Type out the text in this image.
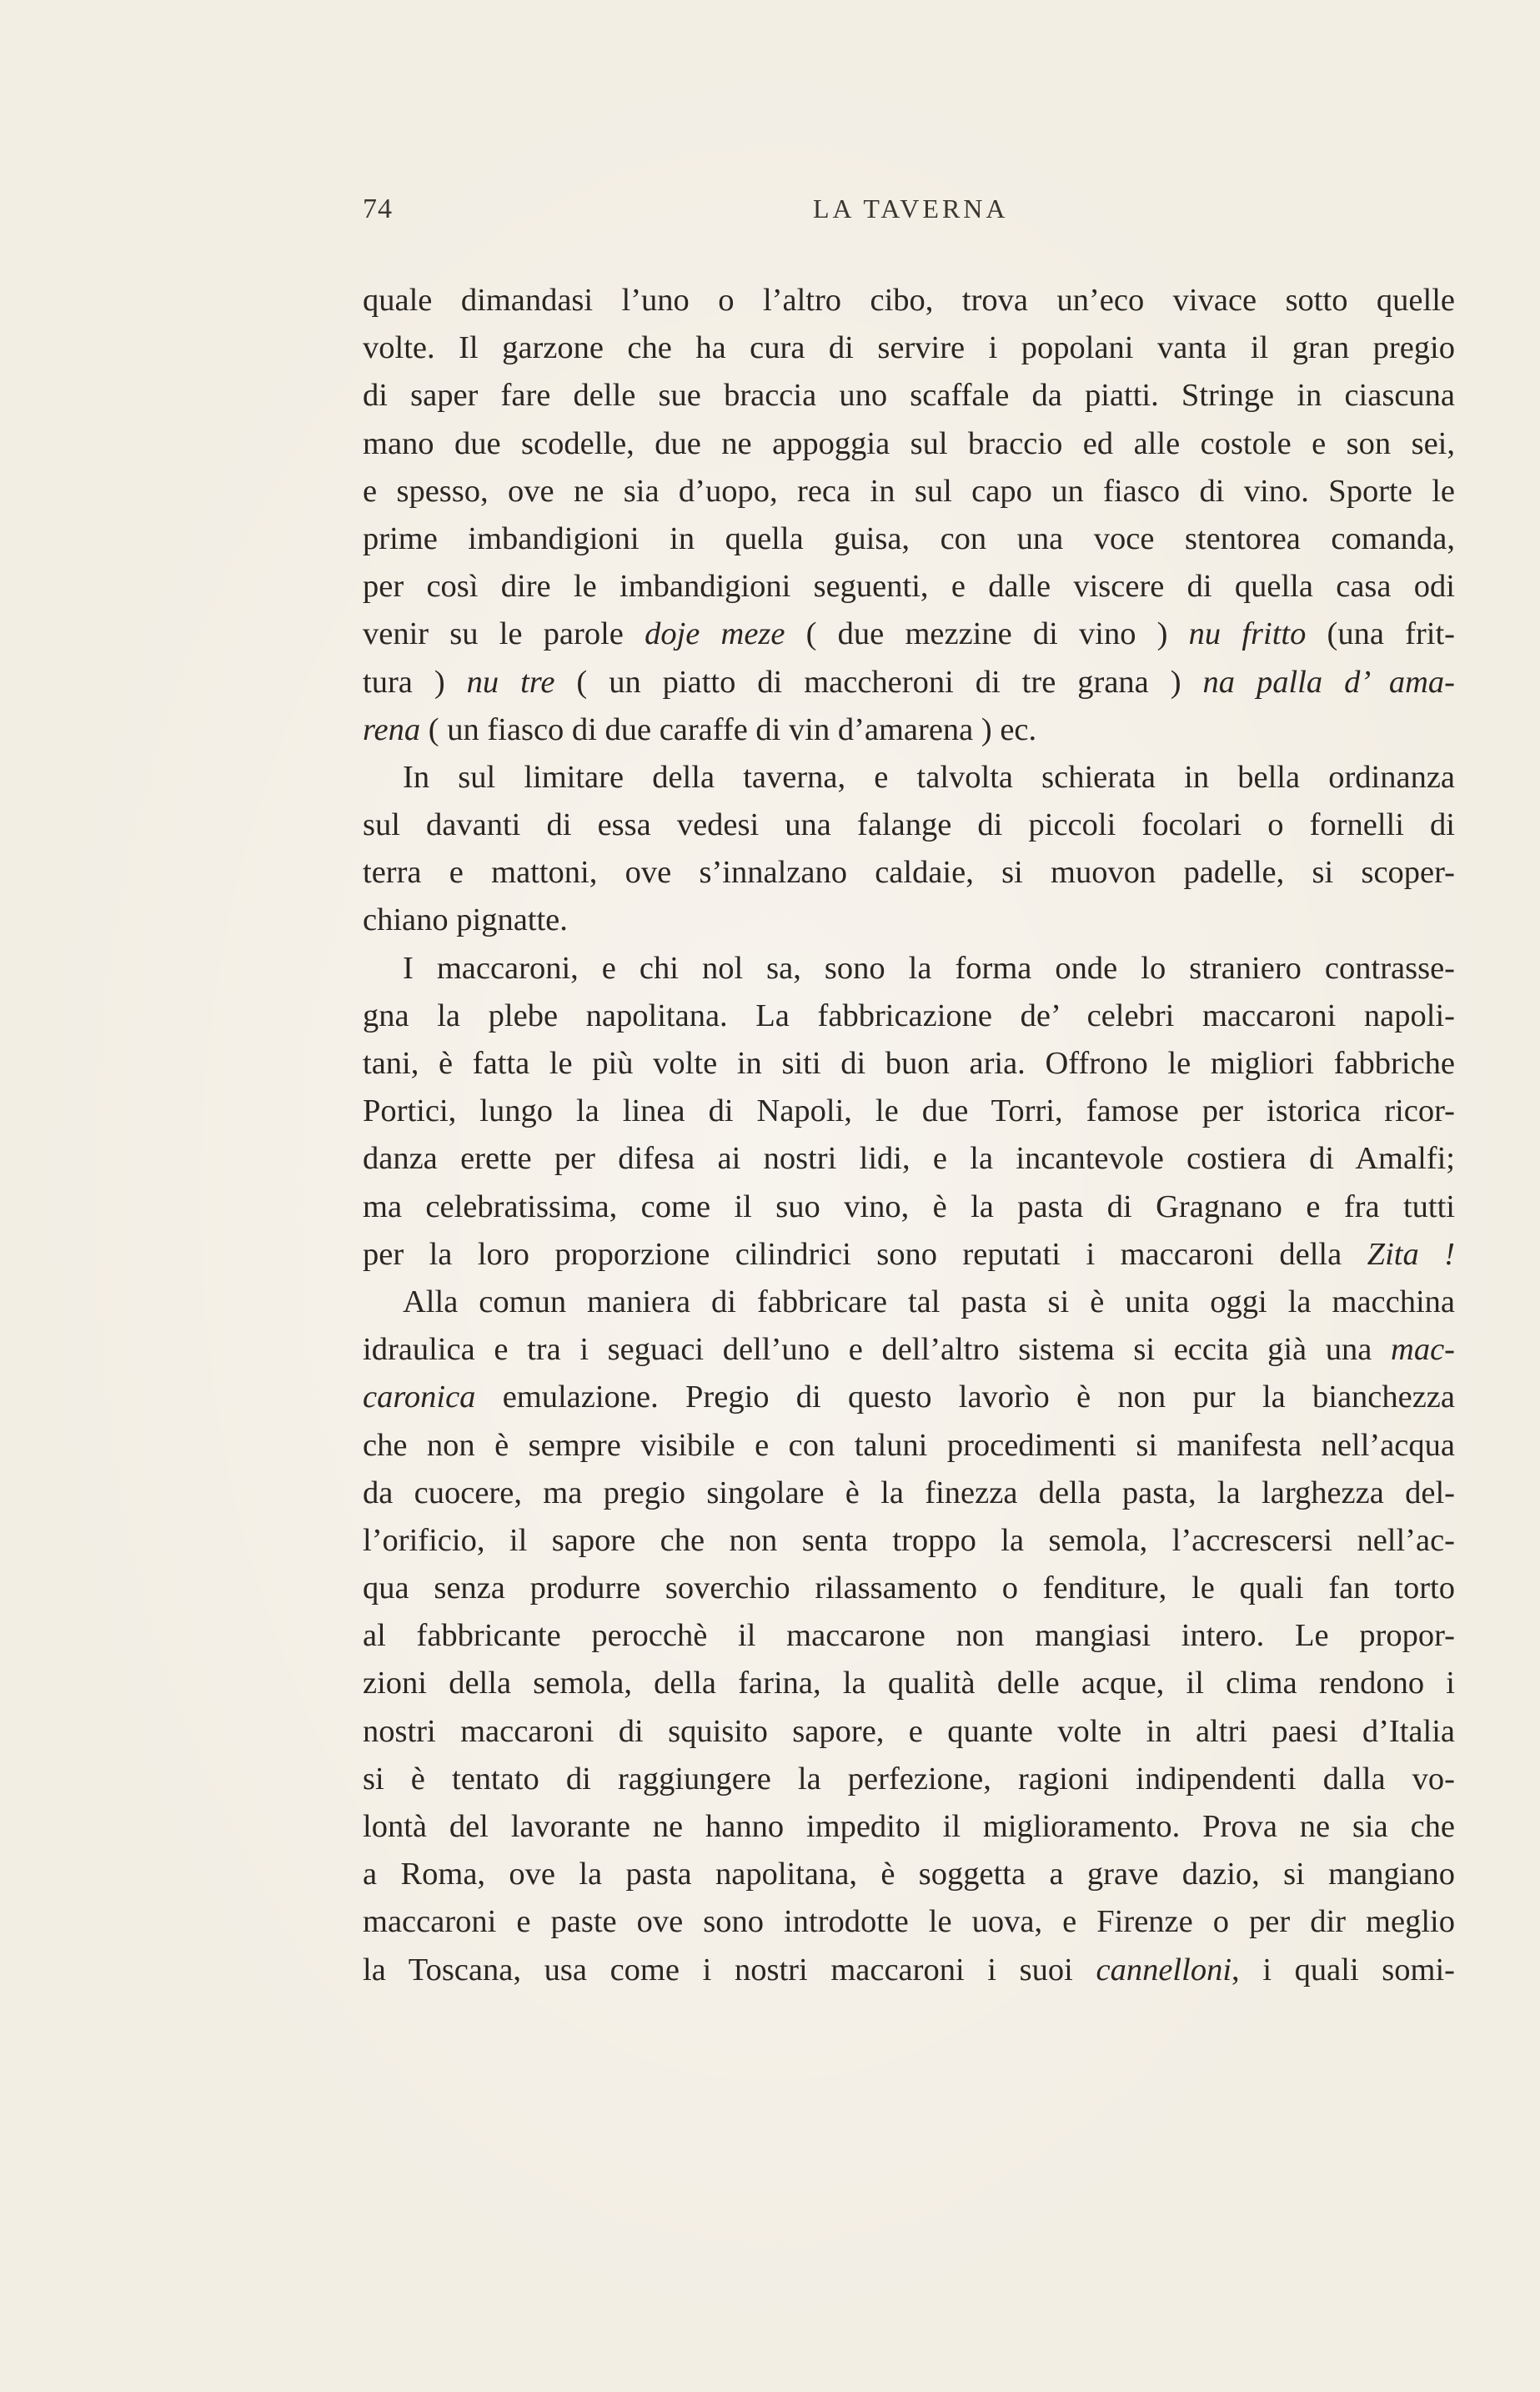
74	LA TAVERNA
quale dimandasi l’uno o l’altro cibo, trova un’eco vivace sotto quelle
volte. Il garzone che ha cura di servire i popolani vanta il gran pregio
di saper fare delle sue braccia uno scaffale da piatti. Stringe in ciascuna
mano due scodelle, due ne appoggia sul braccio ed alle costole e son sei,
e spesso, ove ne sia d’uopo, reca in sul capo un fiasco di vino. Sporte le
prime imbandigioni in quella guisa, con una voce stentorea comanda,
per così dire le imbandigioni seguenti, e dalle viscere di quella casa odi
venir su le parole doje meze ( due mezzine di vino ) nu fritto (una frit-
tura ) nu tre ( un piatto di maccheroni di tre grana ) na palla d’ ama-
rena ( un fiasco di due caraffe di vin d’amarena ) ec.
In sul limitare della taverna, e talvolta schierata in bella ordinanza
sul davanti di essa vedesi una falange di piccoli focolari o fornelli di
terra e mattoni, ove s’innalzano caldaie, si muovon padelle, si scoper-
chiano pignatte.
I maccaroni, e chi nol sa, sono la forma onde lo straniero contrasse-
gna la plebe napolitana. La fabbricazione de’ celebri maccaroni napoli-
tani, è fatta le più volte in siti di buon aria. Offrono le migliori fabbriche
Portici, lungo la linea di Napoli, le due Torri, famose per istorica ricor-
danza erette per difesa ai nostri lidi, e la incantevole costiera di Amalfi;
ma celebratissima, come il suo vino, è la pasta di Gragnano e fra tutti
per la loro proporzione cilindrici sono reputati i maccaroni della Zita !
Alla comun maniera di fabbricare tal pasta si è unita oggi la macchina
idraulica e tra i seguaci dell’uno e dell’altro sistema si eccita già una mac-
caronica emulazione. Pregio di questo lavorìo è non pur la bianchezza
che non è sempre visibile e con taluni procedimenti si manifesta nell’acqua
da cuocere, ma pregio singolare è la finezza della pasta, la larghezza del-
l’orificio, il sapore che non senta troppo la semola, l’accrescersi nell’ac-
qua senza produrre soverchio rilassamento o fenditure, le quali fan torto
al fabbricante perocchè il maccarone non mangiasi intero. Le propor-
zioni della semola, della farina, la qualità delle acque, il clima rendono i
nostri maccaroni di squisito sapore, e quante volte in altri paesi d’Italia
si è tentato di raggiungere la perfezione, ragioni indipendenti dalla vo-
lontà del lavorante ne hanno impedito il miglioramento. Prova ne sia che
a Roma, ove la pasta napolitana, è soggetta a grave dazio, si mangiano
maccaroni e paste ove sono introdotte le uova, e Firenze o per dir meglio
la Toscana, usa come i nostri maccaroni i suoi cannelloni, i quali somi-
